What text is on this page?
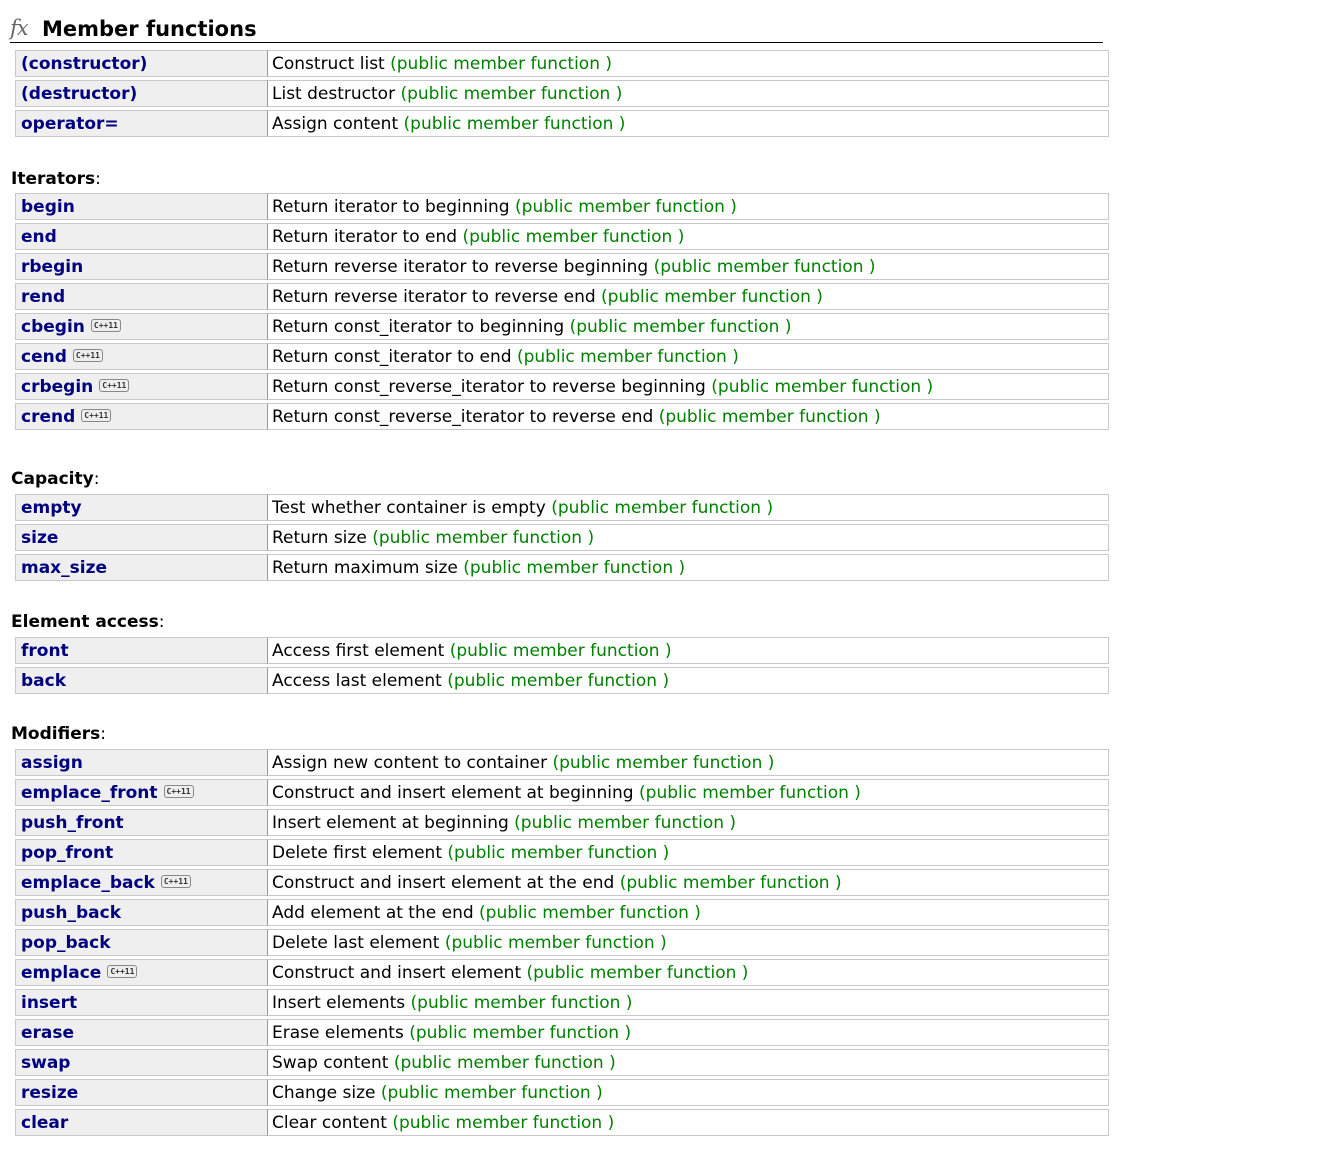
fx Member functions
(constructor)	Construct list (public member function )
(destructor)	List destructor (public member function )
operator=	Assign content (public member function )
Iterators:
begin	Return iterator to beginning (public member function )
end	Return iterator to end (public member function )
rbegin	Return reverse iterator to reverse beginning (public member function )
rend	Return reverse iterator to reverse end (public member function )
cbegin C++11	Return const_iterator to beginning (public member function )
cend C++11	Return const_iterator to end (public member function )
crbegin C++11	Return const_reverse_iterator to reverse beginning (public member function )
crend C++11	Return const_reverse_iterator to reverse end (public member function )
Capacity:
empty	Test whether container is empty (public member function )
size	Return size (public member function )
max_size	Return maximum size (public member function )
Element access:
front	Access first element (public member function )
back	Access last element (public member function )
Modifiers:
assign	Assign new content to container (public member function )
emplace_front C++11	Construct and insert element at beginning (public member function )
push_front	Insert element at beginning (public member function )
pop_front	Delete first element (public member function )
emplace_back C++11	Construct and insert element at the end (public member function )
push_back	Add element at the end (public member function )
pop_back	Delete last element (public member function )
emplace C++11	Construct and insert element (public member function )
insert	Insert elements (public member function )
erase	Erase elements (public member function )
swap	Swap content (public member function )
resize	Change size (public member function )
clear	Clear content (public member function )
